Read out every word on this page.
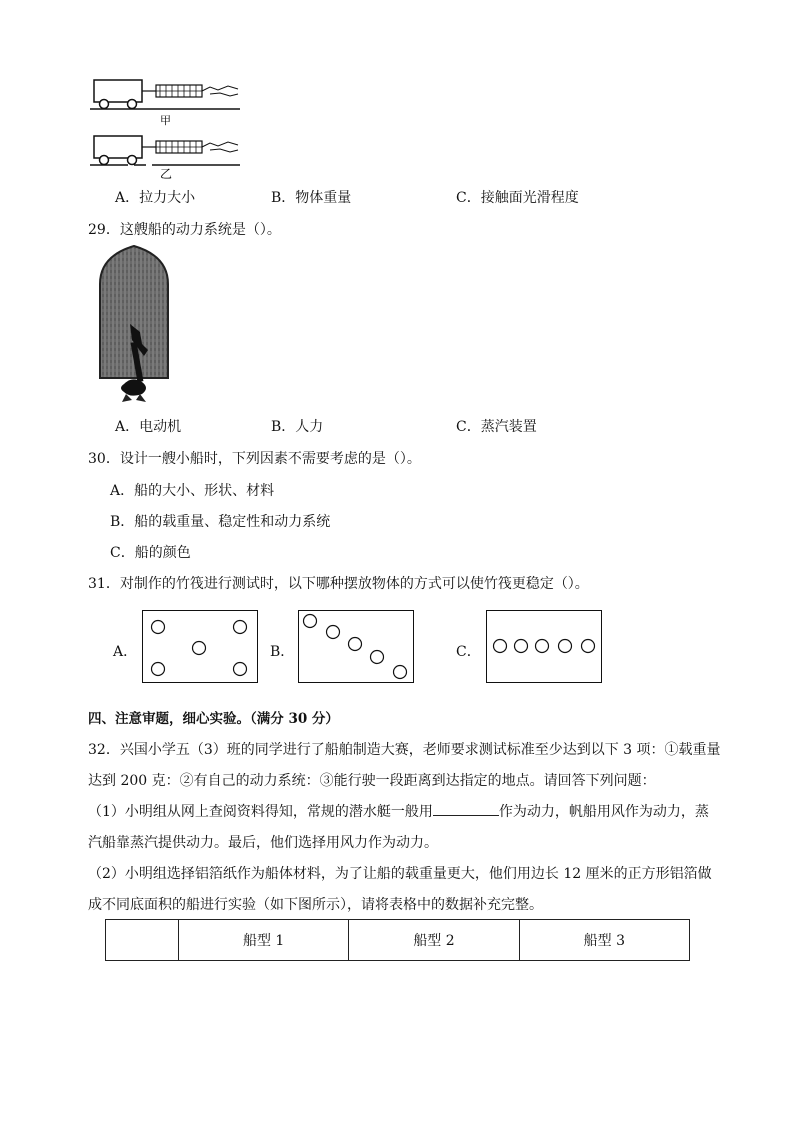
甲
乙
A．拉力大小	B．物体重量	C．接触面光滑程度
29．这艘船的动力系统是（）。
A．电动机	B．人力	C．蒸汽装置
30．设计一艘小船时，下列因素不需要考虑的是（）。
A．船的大小、形状、材料
B．船的载重量、稳定性和动力系统
C．船的颜色
31．对制作的竹筏进行测试时，以下哪种摆放物体的方式可以使竹筏更稳定（）。
A．	B．	C．
四、注意审题，细心实验。（满分 30 分）
32．兴国小学五（3）班的同学进行了船舶制造大赛，老师要求测试标准至少达到以下 3 项：①载重量
达到 200 克：②有自己的动力系统：③能行驶一段距离到达指定的地点。请回答下列问题：
（1）小明组从网上查阅资料得知，常规的潜水艇一般用	作为动力，帆船用风作为动力，蒸
汽船靠蒸汽提供动力。最后，他们选择用风力作为动力。
（2）小明组选择铝箔纸作为船体材料，为了让船的载重量更大，他们用边长 12 厘米的正方形铝箔做
成不同底面积的船进行实验（如下图所示），请将表格中的数据补充完整。
	船型 1	船型 2	船型 3
